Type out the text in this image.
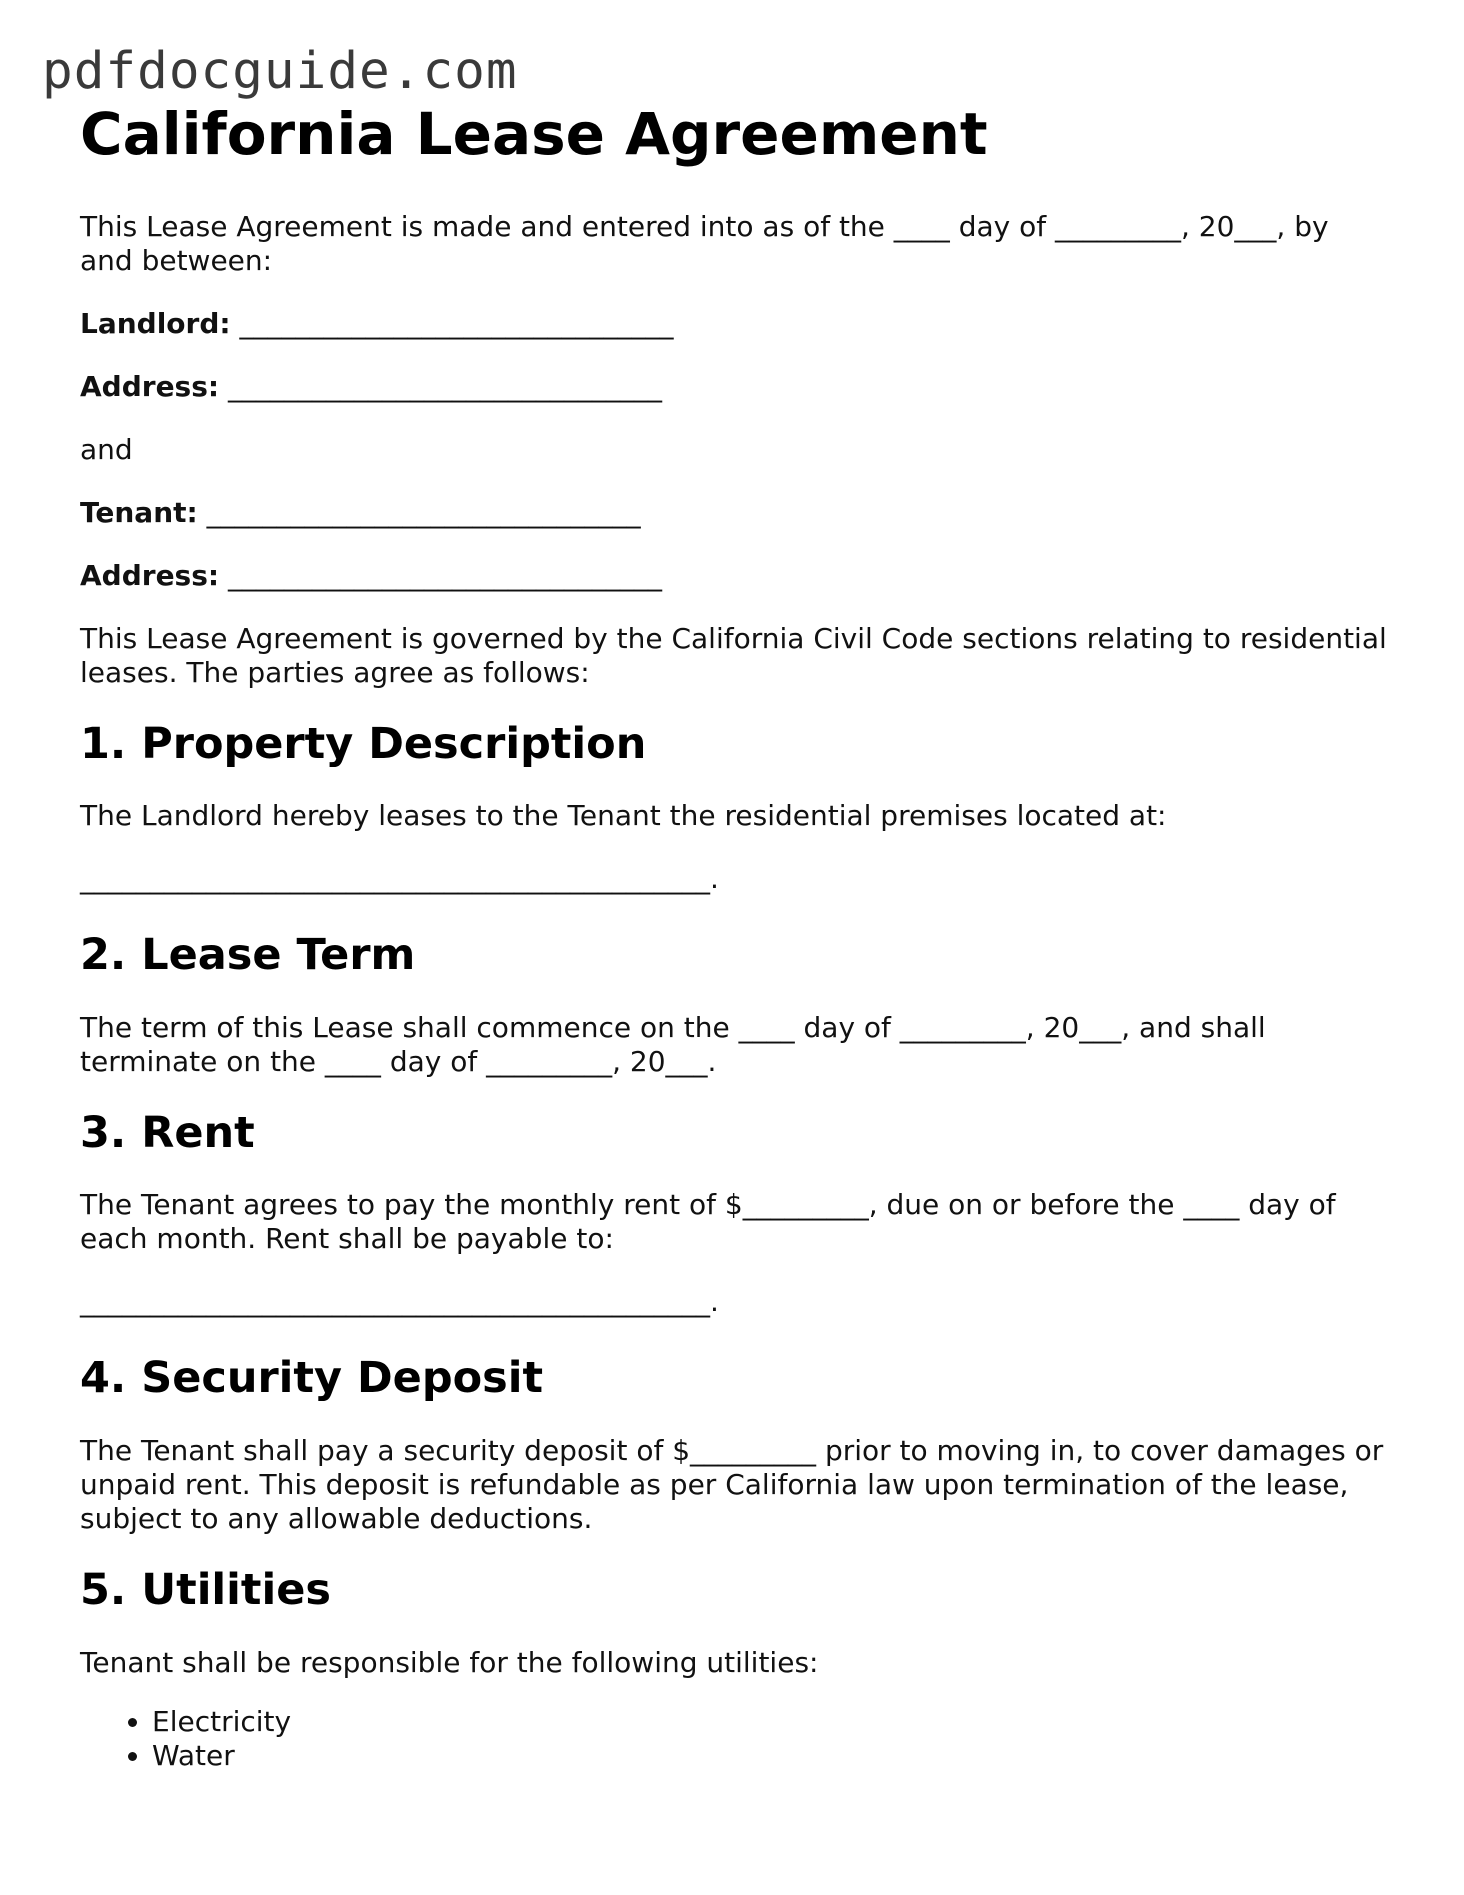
pdfdocguide.com
California Lease Agreement

This Lease Agreement is made and entered into as of the ____ day of _________, 20___, by and between:

Landlord: _______________________________

Address: _______________________________

and

Tenant: _______________________________

Address: _______________________________

This Lease Agreement is governed by the California Civil Code sections relating to residential leases. The parties agree as follows:

1. Property Description

The Landlord hereby leases to the Tenant the residential premises located at:

_____________________________________________.

2. Lease Term

The term of this Lease shall commence on the ____ day of _________, 20___, and shall terminate on the ____ day of _________, 20___.

3. Rent

The Tenant agrees to pay the monthly rent of $_________, due on or before the ____ day of each month. Rent shall be payable to:

_____________________________________________.

4. Security Deposit

The Tenant shall pay a security deposit of $_________ prior to moving in, to cover damages or unpaid rent. This deposit is refundable as per California law upon termination of the lease, subject to any allowable deductions.

5. Utilities

Tenant shall be responsible for the following utilities:

• Electricity
• Water
